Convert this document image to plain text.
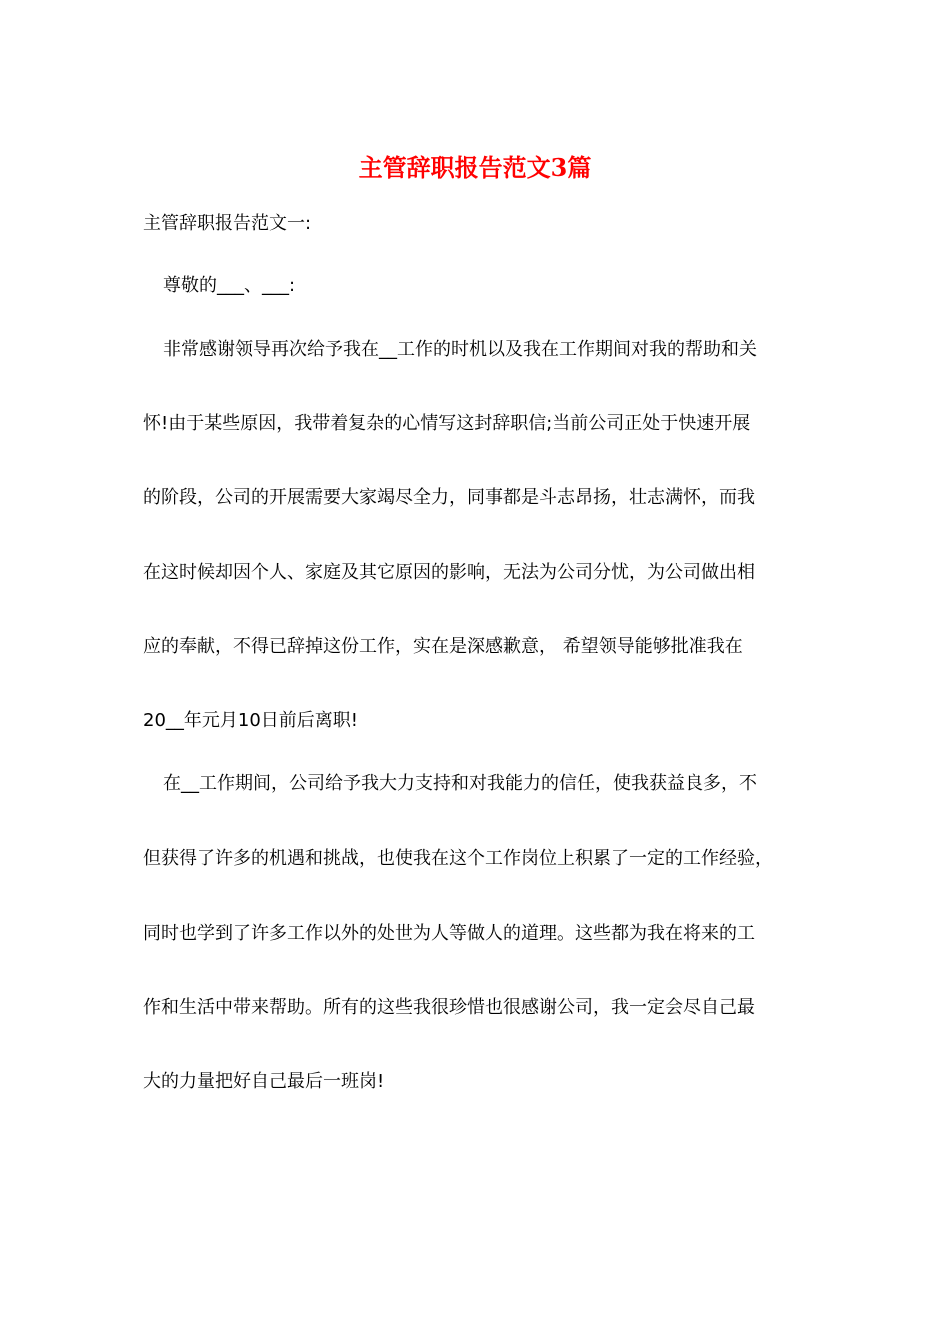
主管辞职报告范文3篇
主管辞职报告范文一:
尊敬的___、___:
非常感谢领导再次给予我在__工作的时机以及我在工作期间对我的帮助和关
怀!由于某些原因，我带着复杂的心情写这封辞职信;当前公司正处于快速开展
的阶段，公司的开展需要大家竭尽全力，同事都是斗志昂扬，壮志满怀，而我
在这时候却因个人、家庭及其它原因的影响，无法为公司分忧，为公司做出相
应的奉献，不得已辞掉这份工作，实在是深感歉意， 希望领导能够批准我在
20__年元月10日前后离职!
在__工作期间，公司给予我大力支持和对我能力的信任，使我获益良多，不
但获得了许多的机遇和挑战，也使我在这个工作岗位上积累了一定的工作经验，
同时也学到了许多工作以外的处世为人等做人的道理。这些都为我在将来的工
作和生活中带来帮助。所有的这些我很珍惜也很感谢公司，我一定会尽自己最
大的力量把好自己最后一班岗!
